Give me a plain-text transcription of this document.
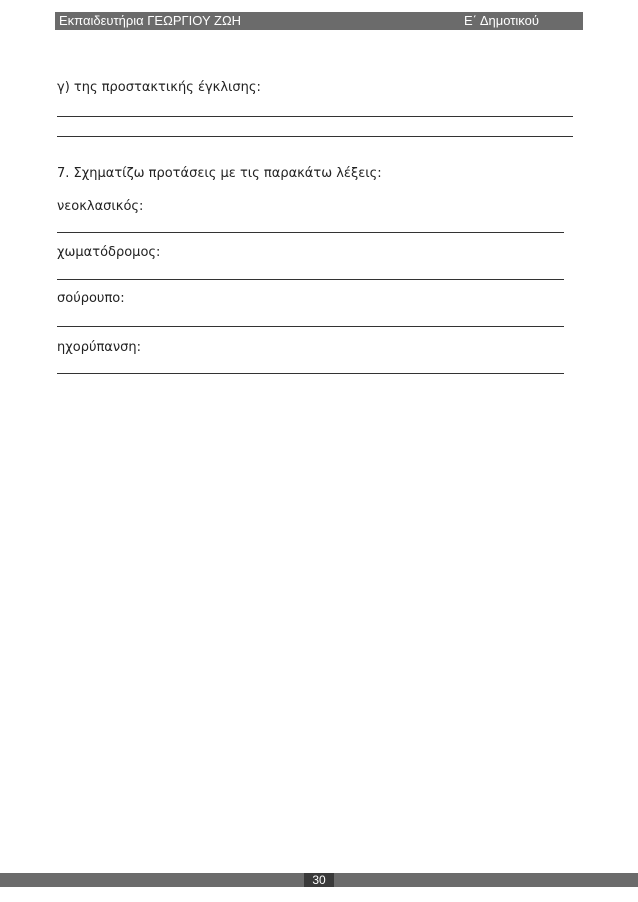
Εκπαιδευτήρια ΓΕΩΡΓΙΟΥ ΖΩΗ	Ε΄ Δημοτικού
γ) της προστακτικής έγκλισης:
7. Σχηματίζω προτάσεις με τις παρακάτω λέξεις:
νεοκλασικός:
χωματόδρομος:
σούρουπο:
ηχορύπανση:
30
